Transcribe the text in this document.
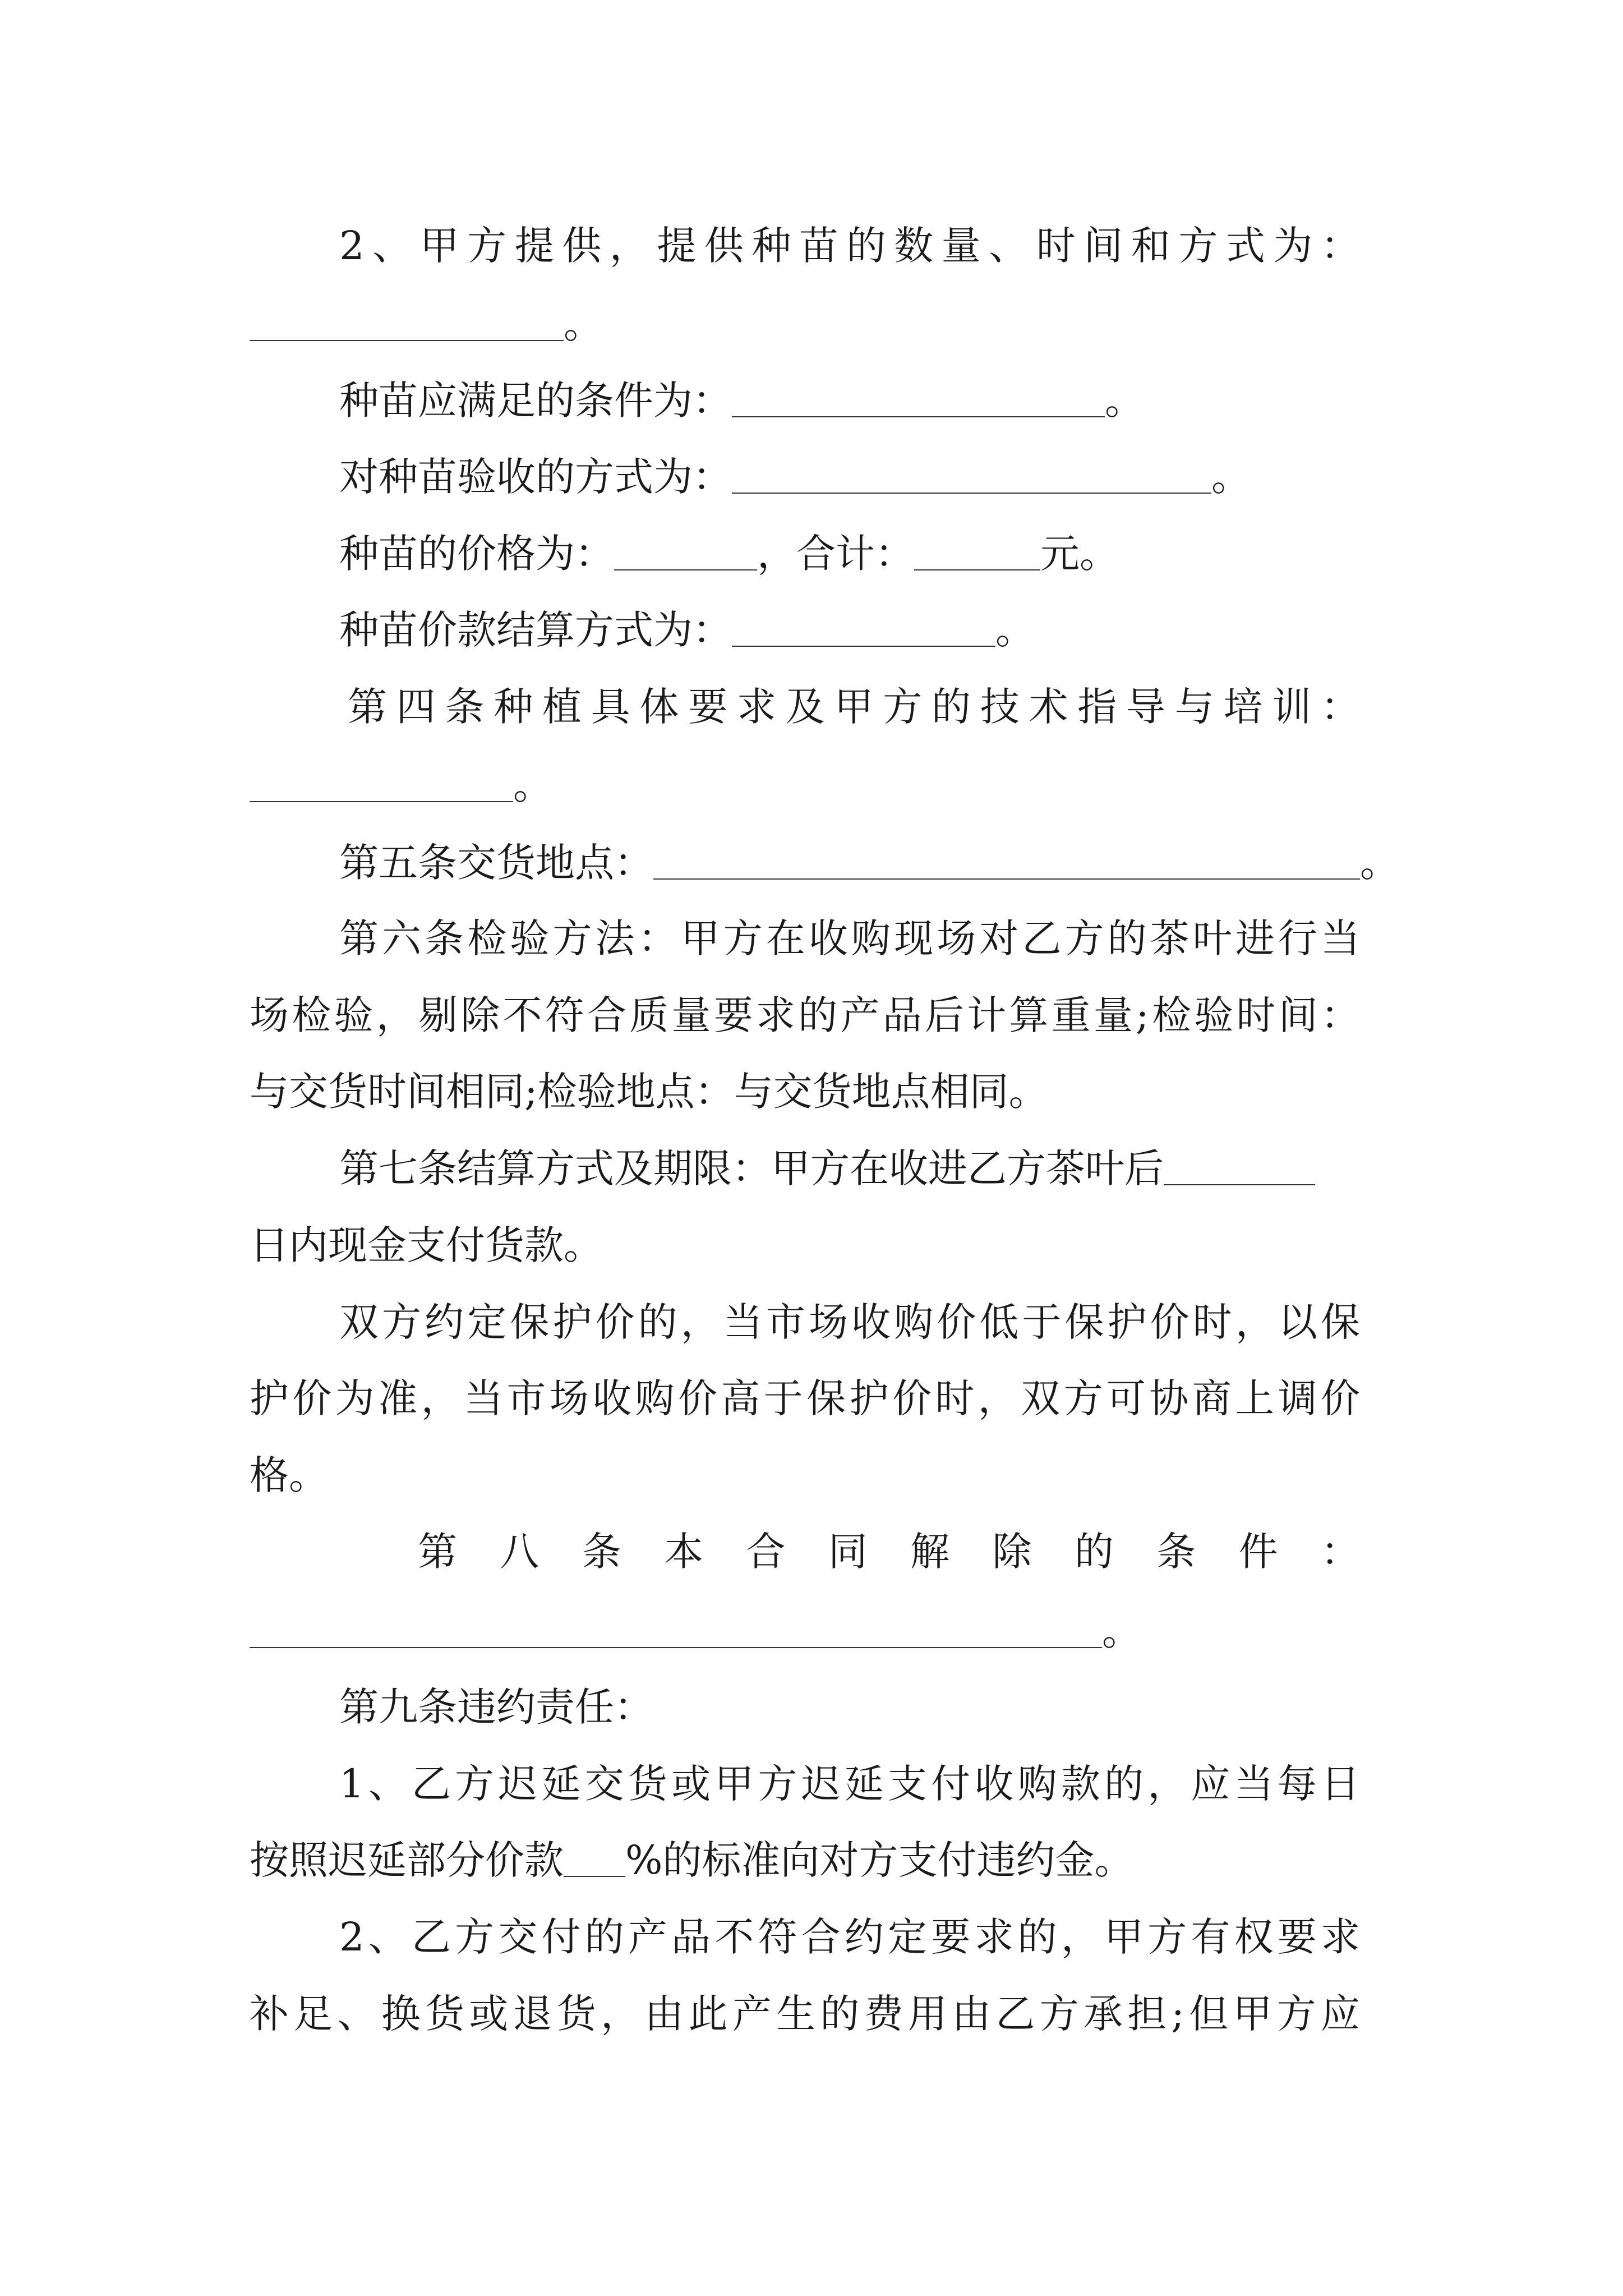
2、甲方提供，提供种苗的数量、时间和方式为：
。
种苗应满足的条件为：	。
对种苗验收的方式为：	。
种苗的价格为：	，合计：	元。
种苗价款结算方式为：	。
第四条种植具体要求及甲方的技术指导与培训：
。
第五条交货地点：	。
第六条检验方法：甲方在收购现场对乙方的茶叶进行当
场检验，剔除不符合质量要求的产品后计算重量;检验时间：
与交货时间相同;检验地点：与交货地点相同。
第七条结算方式及期限：甲方在收进乙方茶叶后
日内现金支付货款。
双方约定保护价的，当市场收购价低于保护价时，以保
护价为准，当市场收购价高于保护价时，双方可协商上调价
格。
第八条本合同解除的条件：
。
第九条违约责任：
1、乙方迟延交货或甲方迟延支付收购款的，应当每日
按照迟延部分价款 %的标准向对方支付违约金。
2、乙方交付的产品不符合约定要求的，甲方有权要求
补足、换货或退货，由此产生的费用由乙方承担;但甲方应
